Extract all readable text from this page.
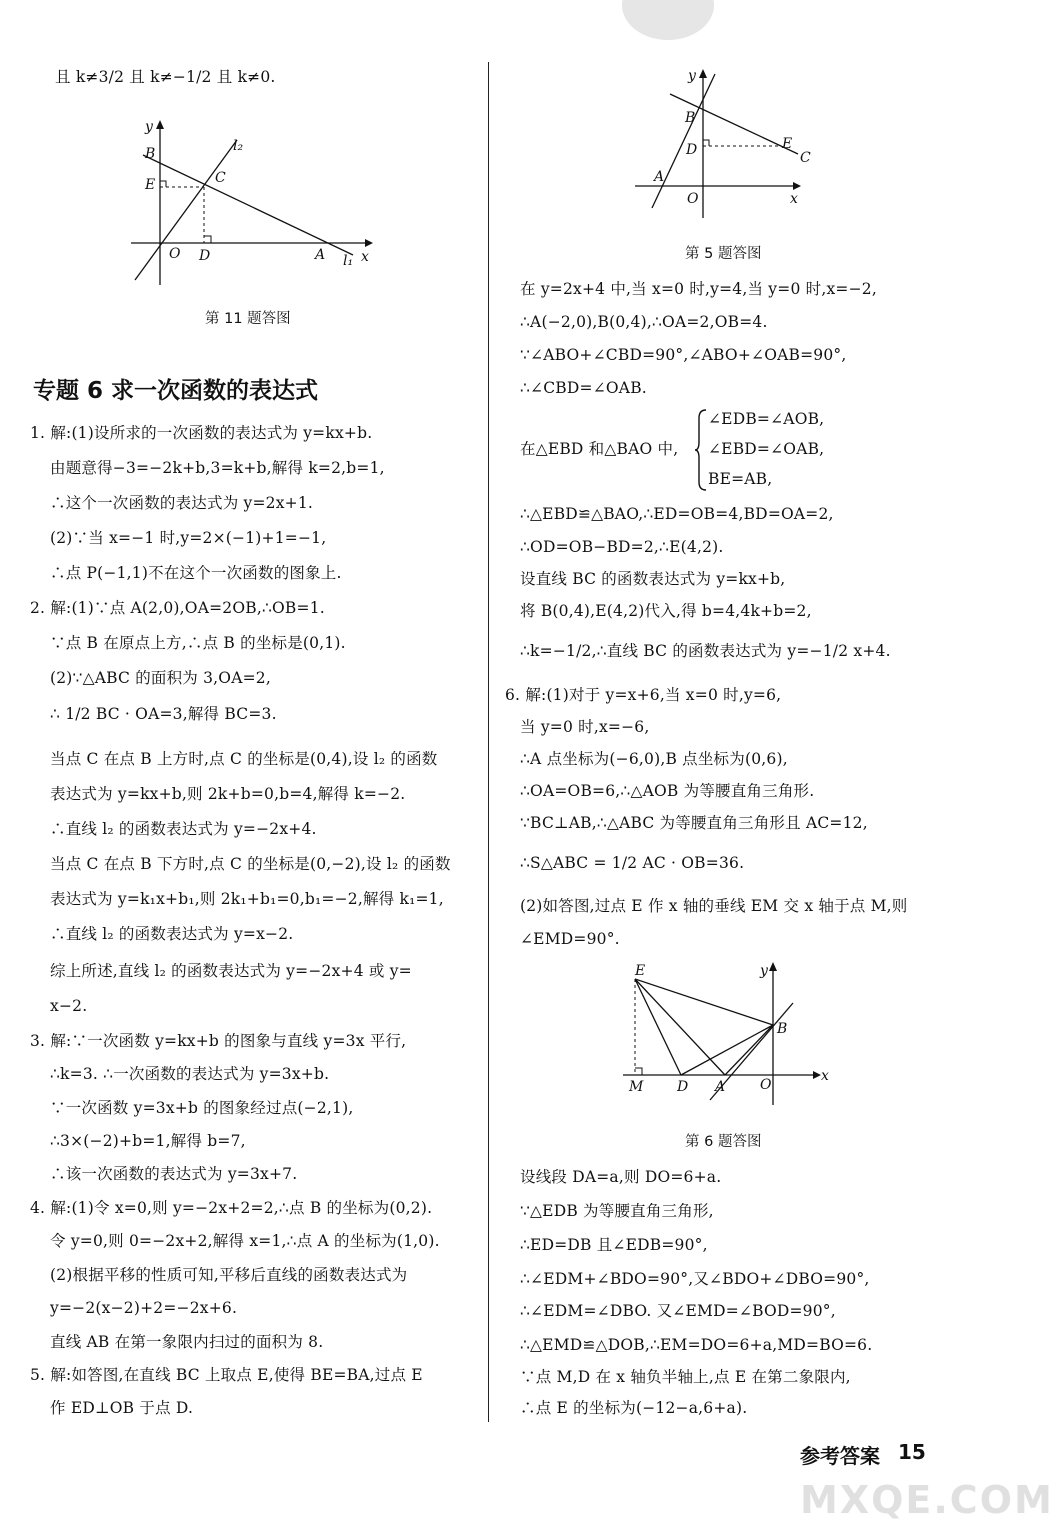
且 k≠3/2 且 k≠−1/2 且 k≠0.
y
x
B
E
O D	A
C
l₂
l₁
第 11 题答图
专题 6 求一次函数的表达式
1. 解:(1)设所求的一次函数的表达式为 y=kx+b.
由题意得−3=−2k+b,3=k+b,解得 k=2,b=1,
∴这个一次函数的表达式为 y=2x+1.
(2)∵当 x=−1 时,y=2×(−1)+1=−1,
∴点 P(−1,1)不在这个一次函数的图象上.
2. 解:(1)∵点 A(2,0),OA=2OB,∴OB=1.
∵点 B 在原点上方,∴点 B 的坐标是(0,1).
(2)∵△ABC 的面积为 3,OA=2,
∴ 1/2 BC · OA=3,解得 BC=3.
当点 C 在点 B 上方时,点 C 的坐标是(0,4),设 l₂ 的函数
表达式为 y=kx+b,则 2k+b=0,b=4,解得 k=−2.
∴直线 l₂ 的函数表达式为 y=−2x+4.
当点 C 在点 B 下方时,点 C 的坐标是(0,−2),设 l₂ 的函数
表达式为 y=k₁x+b₁,则 2k₁+b₁=0,b₁=−2,解得 k₁=1,
∴直线 l₂ 的函数表达式为 y=x−2.
综上所述,直线 l₂ 的函数表达式为 y=−2x+4 或 y=
x−2.
3. 解:∵一次函数 y=kx+b 的图象与直线 y=3x 平行,
∴k=3. ∴一次函数的表达式为 y=3x+b.
∵一次函数 y=3x+b 的图象经过点(−2,1),
∴3×(−2)+b=1,解得 b=7,
∴该一次函数的表达式为 y=3x+7.
4. 解:(1)令 x=0,则 y=−2x+2=2,∴点 B 的坐标为(0,2).
令 y=0,则 0=−2x+2,解得 x=1,∴点 A 的坐标为(1,0).
(2)根据平移的性质可知,平移后直线的函数表达式为
y=−2(x−2)+2=−2x+6.
直线 AB 在第一象限内扫过的面积为 8.
5. 解:如答图,在直线 BC 上取点 E,使得 BE=BA,过点 E
作 ED⊥OB 于点 D.
y
x
B
D	E
C
A
O
第 5 题答图
在 y=2x+4 中,当 x=0 时,y=4,当 y=0 时,x=−2,
∴A(−2,0),B(0,4),∴OA=2,OB=4.
∵∠ABO+∠CBD=90°,∠ABO+∠OAB=90°,
∴∠CBD=∠OAB.
在△EBD 和△BAO 中,
∠EDB=∠AOB,
∠EBD=∠OAB,
BE=AB,
∴△EBD≌△BAO,∴ED=OB=4,BD=OA=2,
∴OD=OB−BD=2,∴E(4,2).
设直线 BC 的函数表达式为 y=kx+b,
将 B(0,4),E(4,2)代入,得 b=4,4k+b=2,
∴k=−1/2,∴直线 BC 的函数表达式为 y=−1/2 x+4.
6. 解:(1)对于 y=x+6,当 x=0 时,y=6,
当 y=0 时,x=−6,
∴A 点坐标为(−6,0),B 点坐标为(0,6),
∴OA=OB=6,∴△AOB 为等腰直角三角形.
∵BC⊥AB,∴△ABC 为等腰直角三角形且 AC=12,
∴S△ABC = 1/2 AC · OB=36.
(2)如答图,过点 E 作 x 轴的垂线 EM 交 x 轴于点 M,则
∠EMD=90°.
E	y
B
x
M D A O
第 6 题答图
设线段 DA=a,则 DO=6+a.
∵△EDB 为等腰直角三角形,
∴ED=DB 且∠EDB=90°,
∴∠EDM+∠BDO=90°,又∠BDO+∠DBO=90°,
∴∠EDM=∠DBO. 又∠EMD=∠BOD=90°,
∴△EMD≌△DOB,∴EM=DO=6+a,MD=BO=6.
∵点 M,D 在 x 轴负半轴上,点 E 在第二象限内,
∴点 E 的坐标为(−12−a,6+a).
参考答案 15
MXQE.COM
